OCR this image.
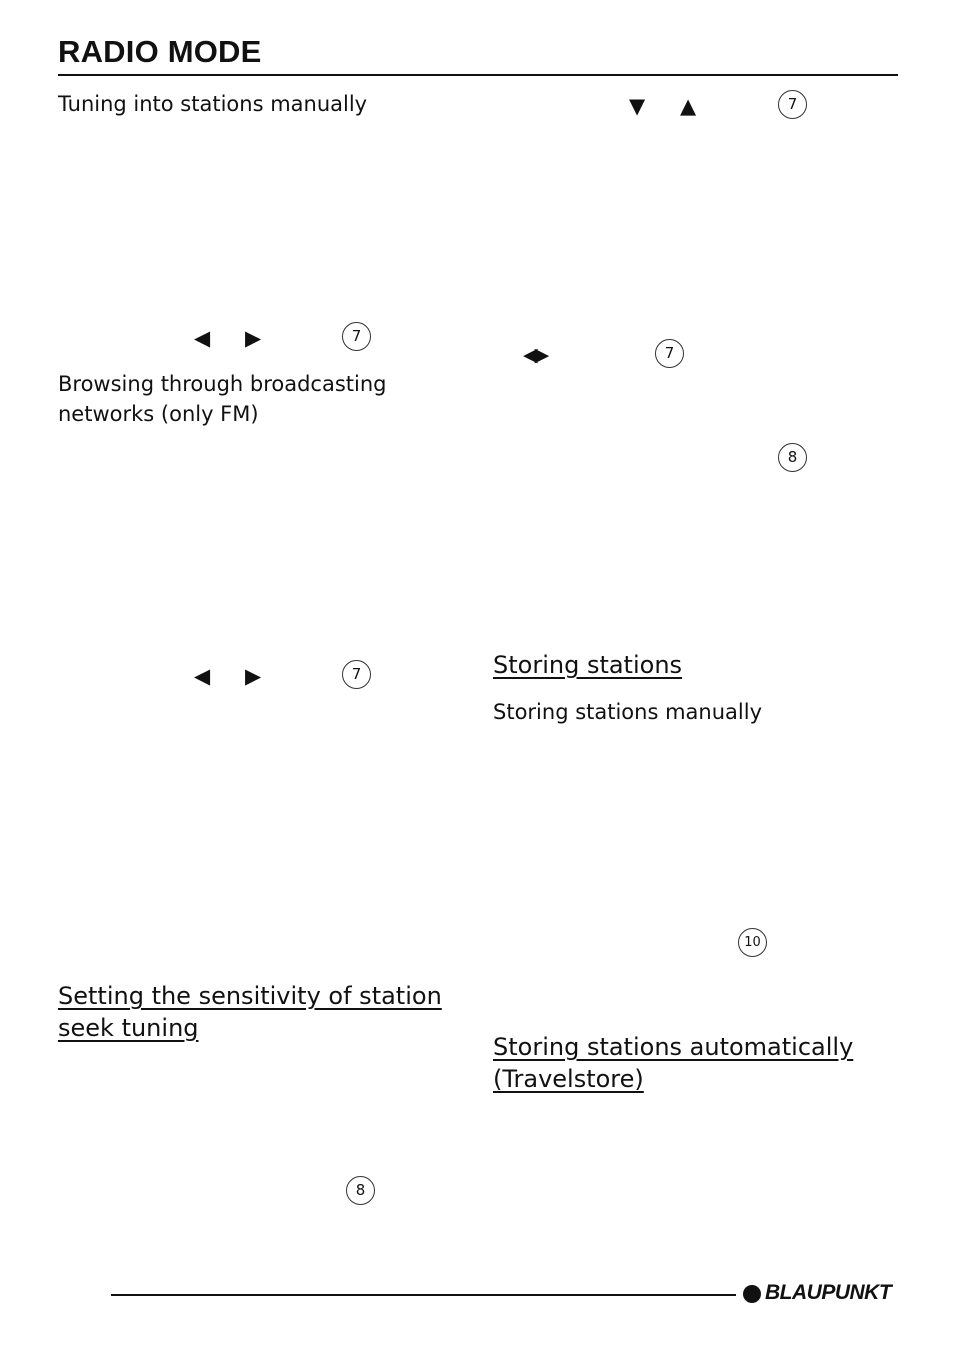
RADIO MODE
Tuning into stations manually
◀ ▶	7
Browsing through broadcasting
networks (only FM)
◀ ▶	7
Setting the sensitivity of station
seek tuning
8
▼ ▲	7
◀▶	7
8
Storing stations
Storing stations manually
10
Storing stations automatically
(Travelstore)
BLAUPUNKT
